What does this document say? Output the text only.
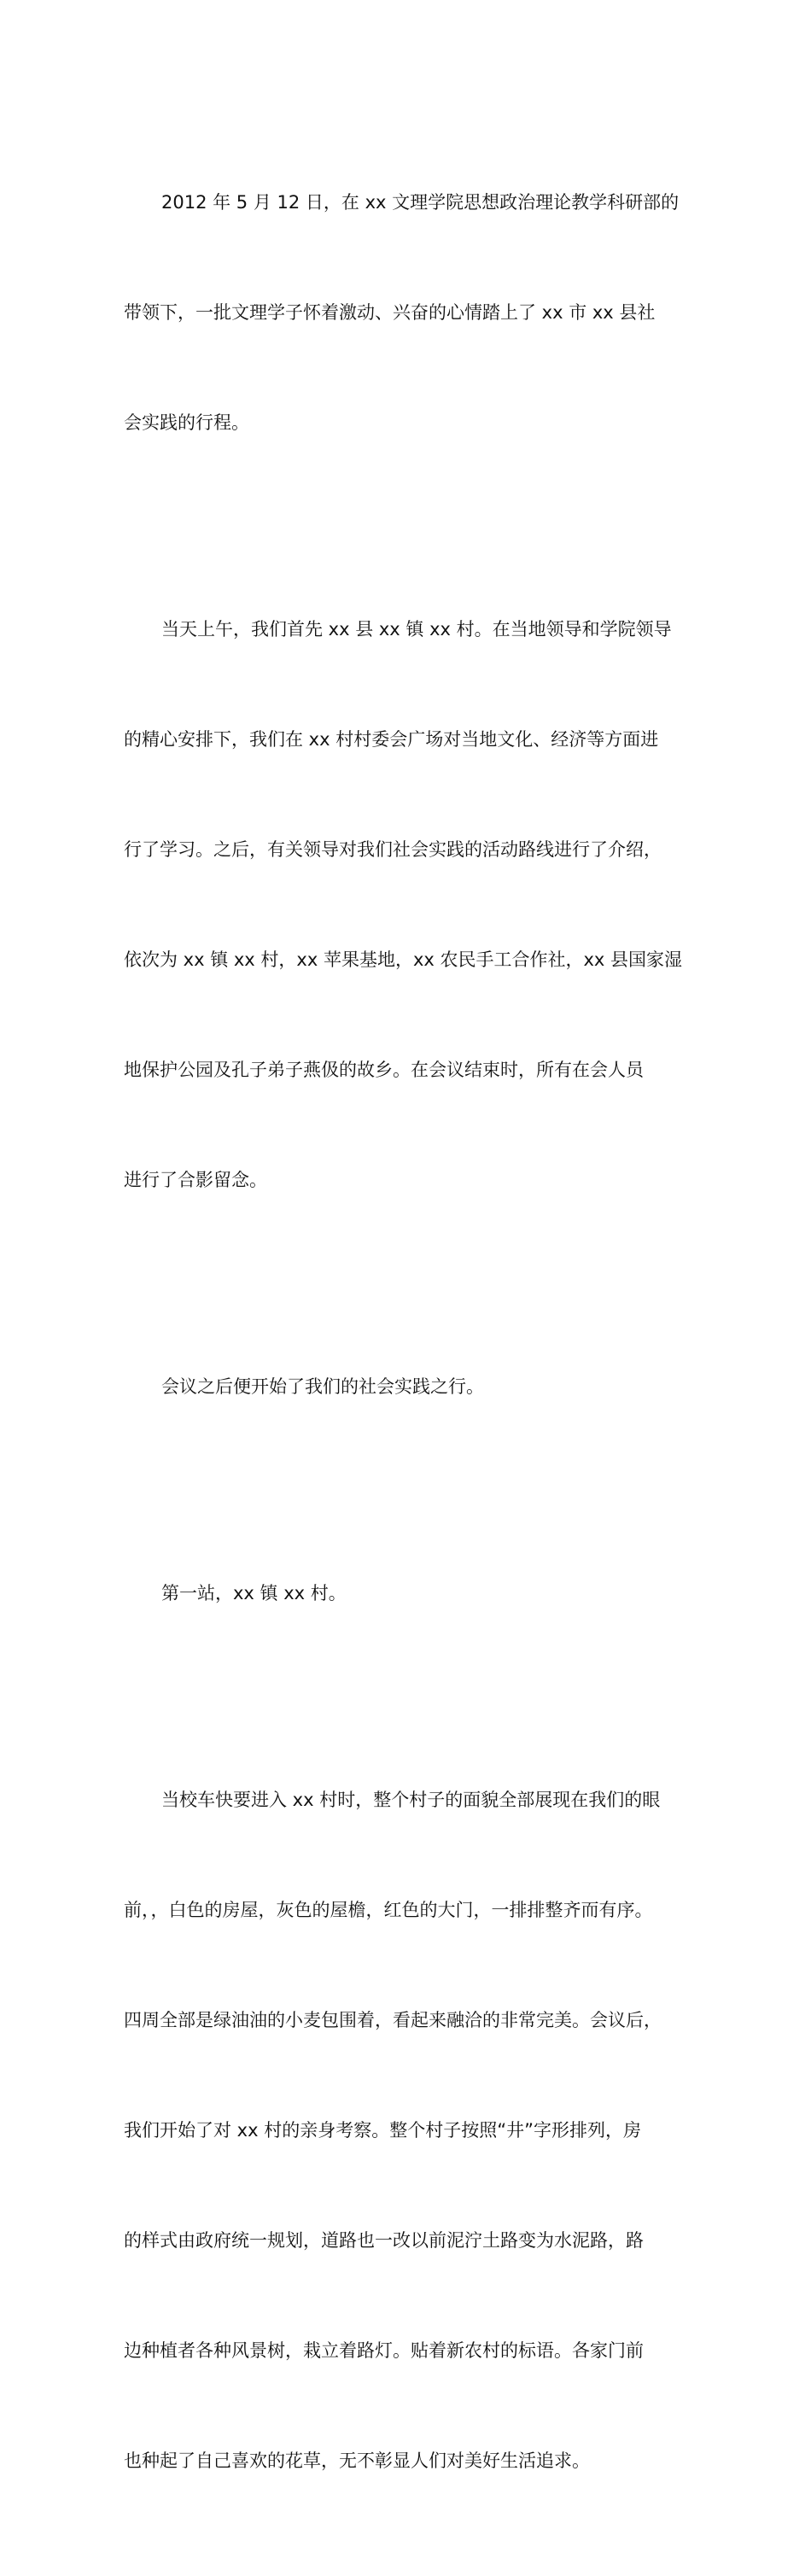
2012 年 5 月 12 日，在 xx 文理学院思想政治理论教学科研部的

带领下，一批文理学子怀着激动、兴奋的心情踏上了 xx 市 xx 县社

会实践的行程。

当天上午，我们首先 xx 县 xx 镇 xx 村。在当地领导和学院领导

的精心安排下，我们在 xx 村村委会广场对当地文化、经济等方面进

行了学习。之后，有关领导对我们社会实践的活动路线进行了介绍，

依次为 xx 镇 xx 村，xx 苹果基地，xx 农民手工合作社，xx 县国家湿

地保护公园及孔子弟子燕伋的故乡。在会议结束时，所有在会人员

进行了合影留念。

会议之后便开始了我们的社会实践之行。

第一站，xx 镇 xx 村。

当校车快要进入 xx 村时，整个村子的面貌全部展现在我们的眼

前，，白色的房屋，灰色的屋檐，红色的大门，一排排整齐而有序。

四周全部是绿油油的小麦包围着，看起来融洽的非常完美。会议后，

我们开始了对 xx 村的亲身考察。整个村子按照“井”字形排列，房

的样式由政府统一规划，道路也一改以前泥泞土路变为水泥路，路

边种植者各种风景树，栽立着路灯。贴着新农村的标语。各家门前

也种起了自己喜欢的花草，无不彰显人们对美好生活追求。
